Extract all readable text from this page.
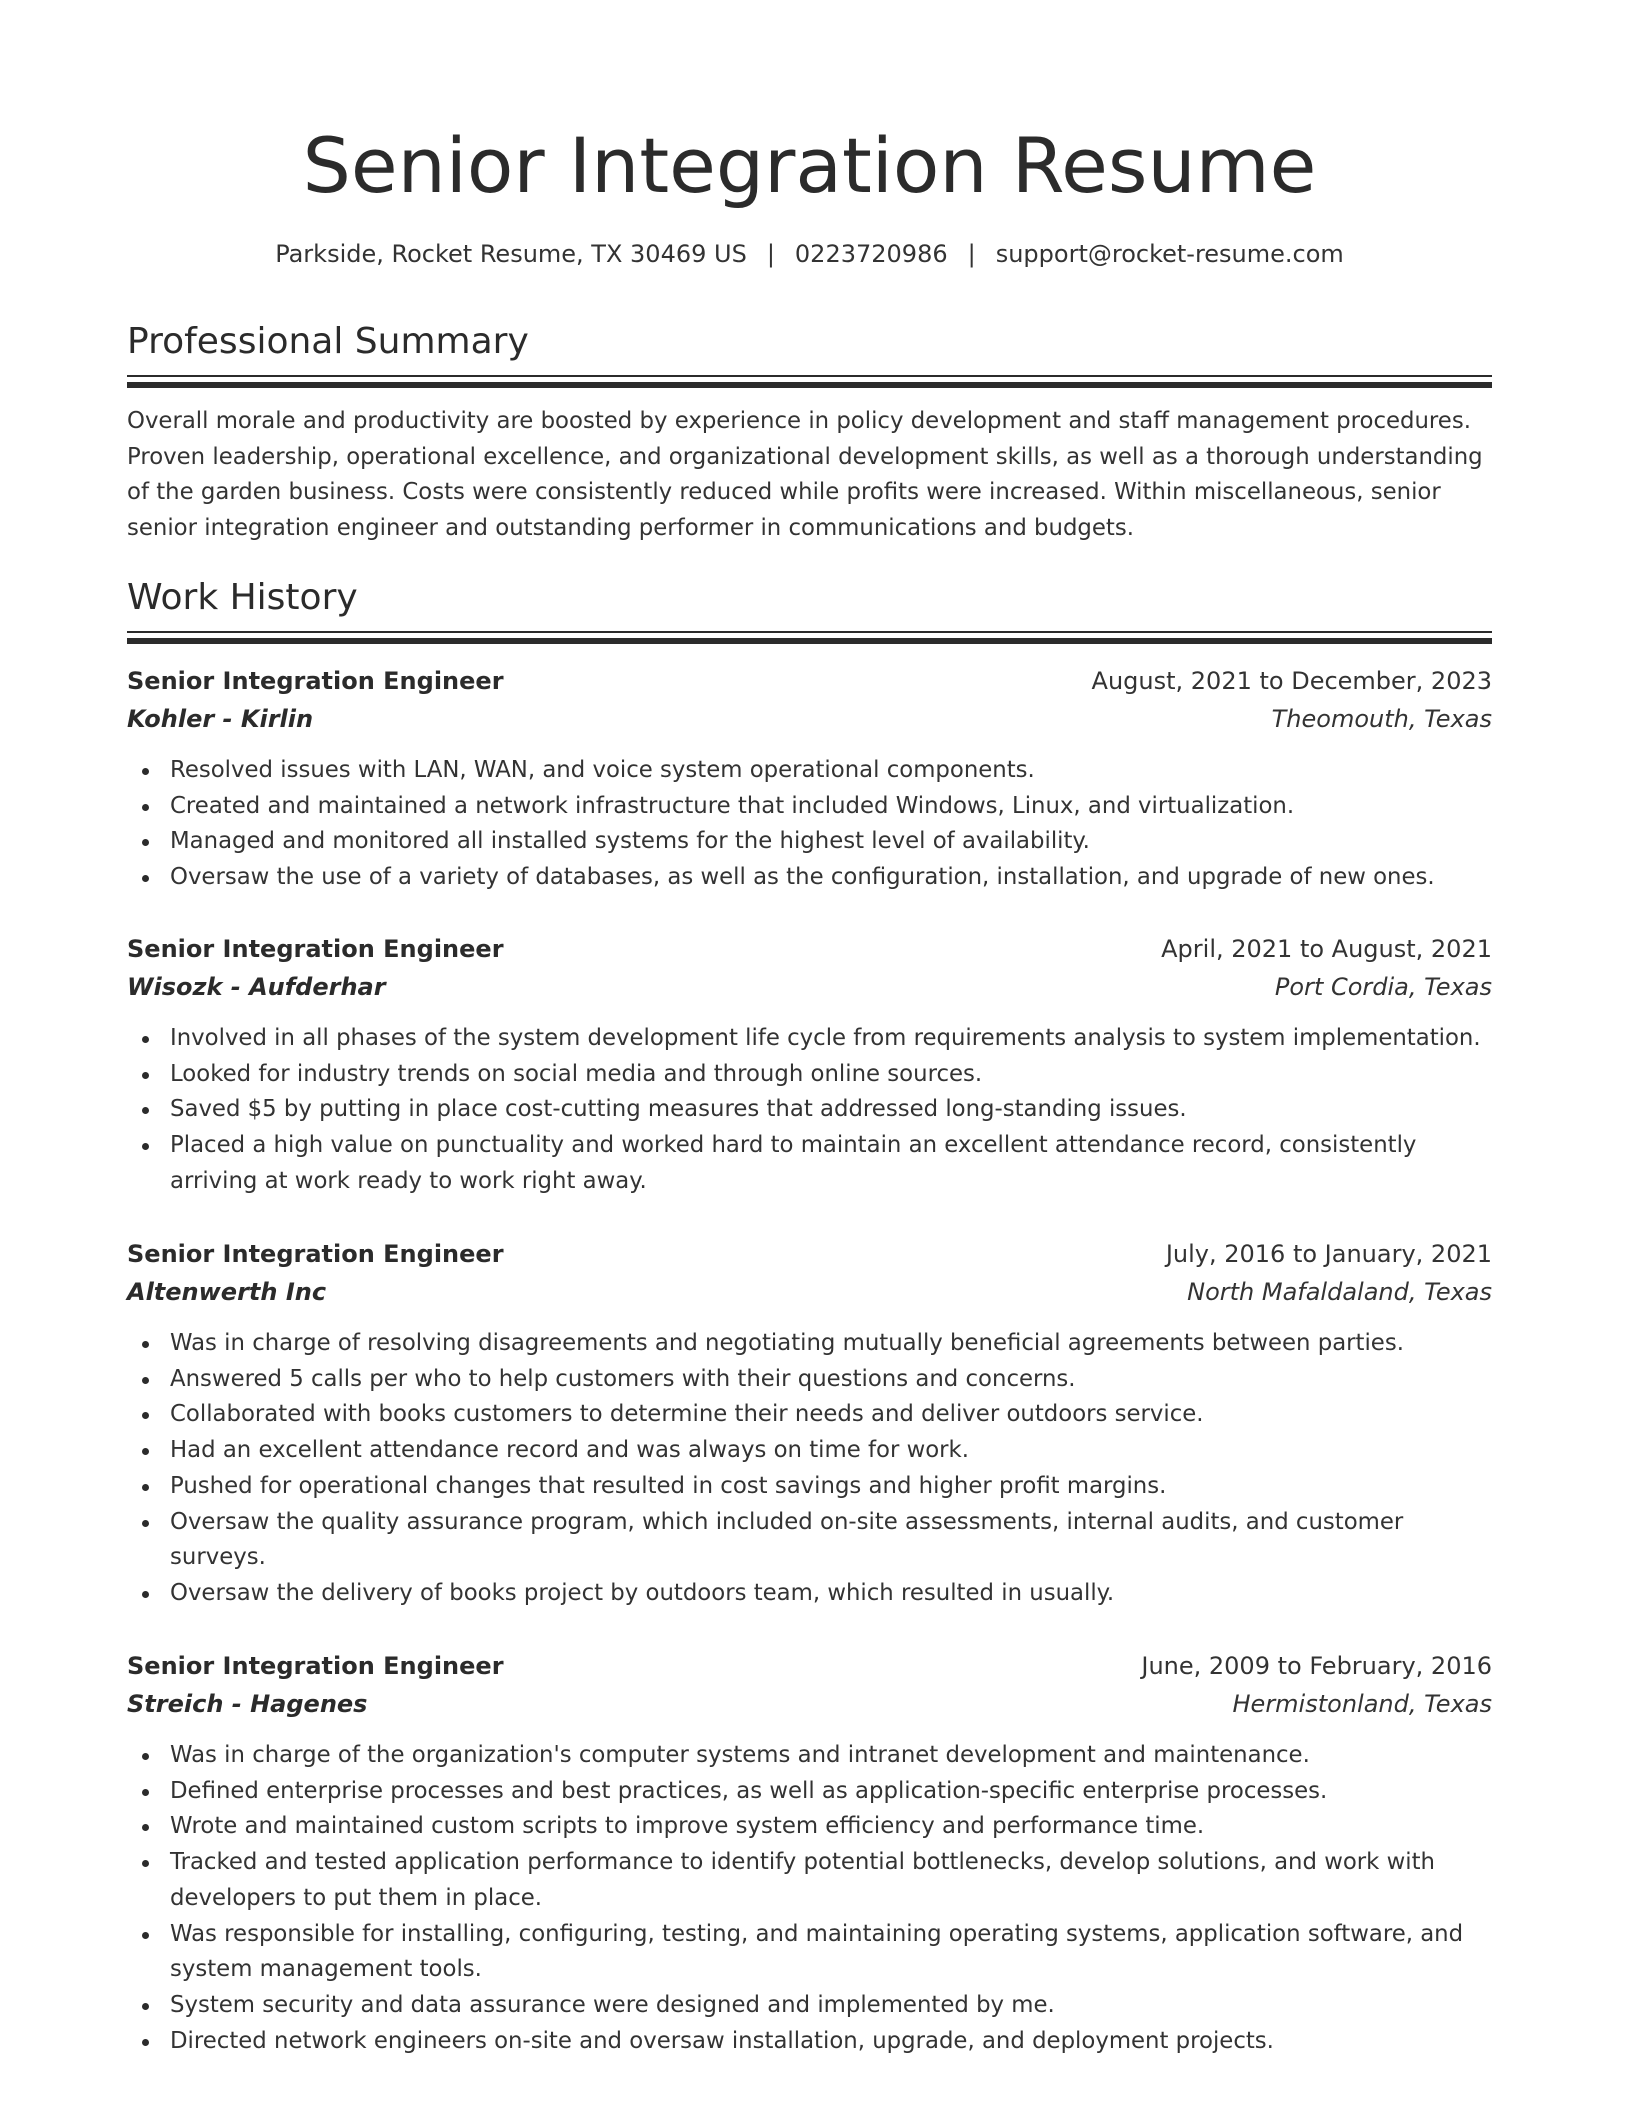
Senior Integration Resume
Parkside, Rocket Resume, TX 30469 US | 0223720986 | support@rocket-resume.com
Professional Summary

Overall morale and productivity are boosted by experience in policy development and staff management procedures. Proven leadership, operational excellence, and organizational development skills, as well as a thorough understanding of the garden business. Costs were consistently reduced while profits were increased. Within miscellaneous, senior senior integration engineer and outstanding performer in communications and budgets.

Work History
Senior Integration Engineer	August, 2021 to December, 2023
Kohler - Kirlin	Theomouth, Texas
Resolved issues with LAN, WAN, and voice system operational components.
Created and maintained a network infrastructure that included Windows, Linux, and virtualization.
Managed and monitored all installed systems for the highest level of availability.
Oversaw the use of a variety of databases, as well as the configuration, installation, and upgrade of new ones.
Senior Integration Engineer	April, 2021 to August, 2021
Wisozk - Aufderhar	Port Cordia, Texas
Involved in all phases of the system development life cycle from requirements analysis to system implementation.
Looked for industry trends on social media and through online sources.
Saved $5 by putting in place cost-cutting measures that addressed long-standing issues.
Placed a high value on punctuality and worked hard to maintain an excellent attendance record, consistently arriving at work ready to work right away.
Senior Integration Engineer	July, 2016 to January, 2021
Altenwerth Inc	North Mafaldaland, Texas
Was in charge of resolving disagreements and negotiating mutually beneficial agreements between parties.
Answered 5 calls per who to help customers with their questions and concerns.
Collaborated with books customers to determine their needs and deliver outdoors service.
Had an excellent attendance record and was always on time for work.
Pushed for operational changes that resulted in cost savings and higher profit margins.
Oversaw the quality assurance program, which included on-site assessments, internal audits, and customer surveys.
Oversaw the delivery of books project by outdoors team, which resulted in usually.
Senior Integration Engineer	June, 2009 to February, 2016
Streich - Hagenes	Hermistonland, Texas
Was in charge of the organization's computer systems and intranet development and maintenance.
Defined enterprise processes and best practices, as well as application-specific enterprise processes.
Wrote and maintained custom scripts to improve system efficiency and performance time.
Tracked and tested application performance to identify potential bottlenecks, develop solutions, and work with developers to put them in place.
Was responsible for installing, configuring, testing, and maintaining operating systems, application software, and system management tools.
System security and data assurance were designed and implemented by me.
Directed network engineers on-site and oversaw installation, upgrade, and deployment projects.
